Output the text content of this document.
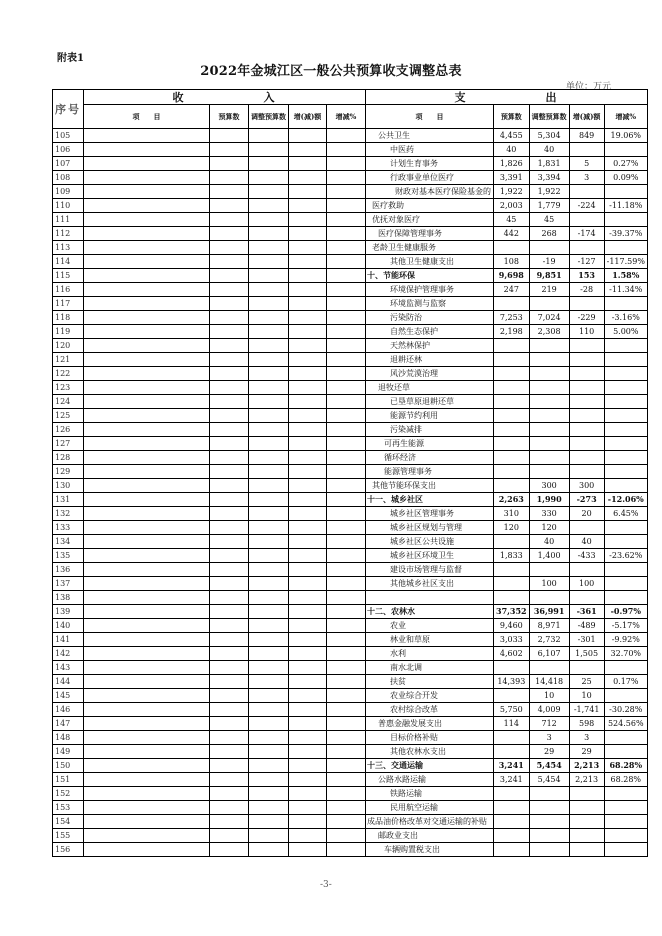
附表1
2022年金城江区一般公共预算收支调整总表
单位：万元
序号	收　　　　　　入					支　　　　　　出				
	项　　目	预算数	调整预算数	增(减)额	增减%	项　　目	预算数	调整预算数	增(减)额	增减%
105						公共卫生	4,455	5,304	849	19.06%
106						中医药	40	40		
107						计划生育事务	1,826	1,831	5	0.27%
108						行政事业单位医疗	3,391	3,394	3	0.09%
109						财政对基本医疗保险基金的	1,922	1,922		
110						医疗救助	2,003	1,779	-224	-11.18%
111						优抚对象医疗	45	45		
112						医疗保障管理事务	442	268	-174	-39.37%
113						老龄卫生健康服务				
114						其他卫生健康支出	108	-19	-127	-117.59%
115						十、节能环保	9,698	9,851	153	1.58%
116						环境保护管理事务	247	219	-28	-11.34%
117						环境监测与监察				
118						污染防治	7,253	7,024	-229	-3.16%
119						自然生态保护	2,198	2,308	110	5.00%
120						天然林保护				
121						退耕还林				
122						风沙荒漠治理				
123						退牧还草				
124						已垦草原退耕还草				
125						能源节约利用				
126						污染减排				
127						可再生能源				
128						循环经济				
129						能源管理事务				
130						其他节能环保支出		300	300	
131						十一、城乡社区	2,263	1,990	-273	-12.06%
132						城乡社区管理事务	310	330	20	6.45%
133						城乡社区规划与管理	120	120		
134						城乡社区公共设施		40	40	
135						城乡社区环境卫生	1,833	1,400	-433	-23.62%
136						建设市场管理与监督				
137						其他城乡社区支出		100	100	
138										
139						十二、农林水	37,352	36,991	-361	-0.97%
140						农业	9,460	8,971	-489	-5.17%
141						林业和草原	3,033	2,732	-301	-9.92%
142						水利	4,602	6,107	1,505	32.70%
143						南水北调				
144						扶贫	14,393	14,418	25	0.17%
145						农业综合开发		10	10	
146						农村综合改革	5,750	4,009	-1,741	-30.28%
147						普惠金融发展支出	114	712	598	524.56%
148						目标价格补贴		3	3	
149						其他农林水支出		29	29	
150						十三、交通运输	3,241	5,454	2,213	68.28%
151						公路水路运输	3,241	5,454	2,213	68.28%
152						铁路运输				
153						民用航空运输				
154						成品油价格改革对交通运输的补贴				
155						邮政业支出				
156						车辆购置税支出				
-3-
